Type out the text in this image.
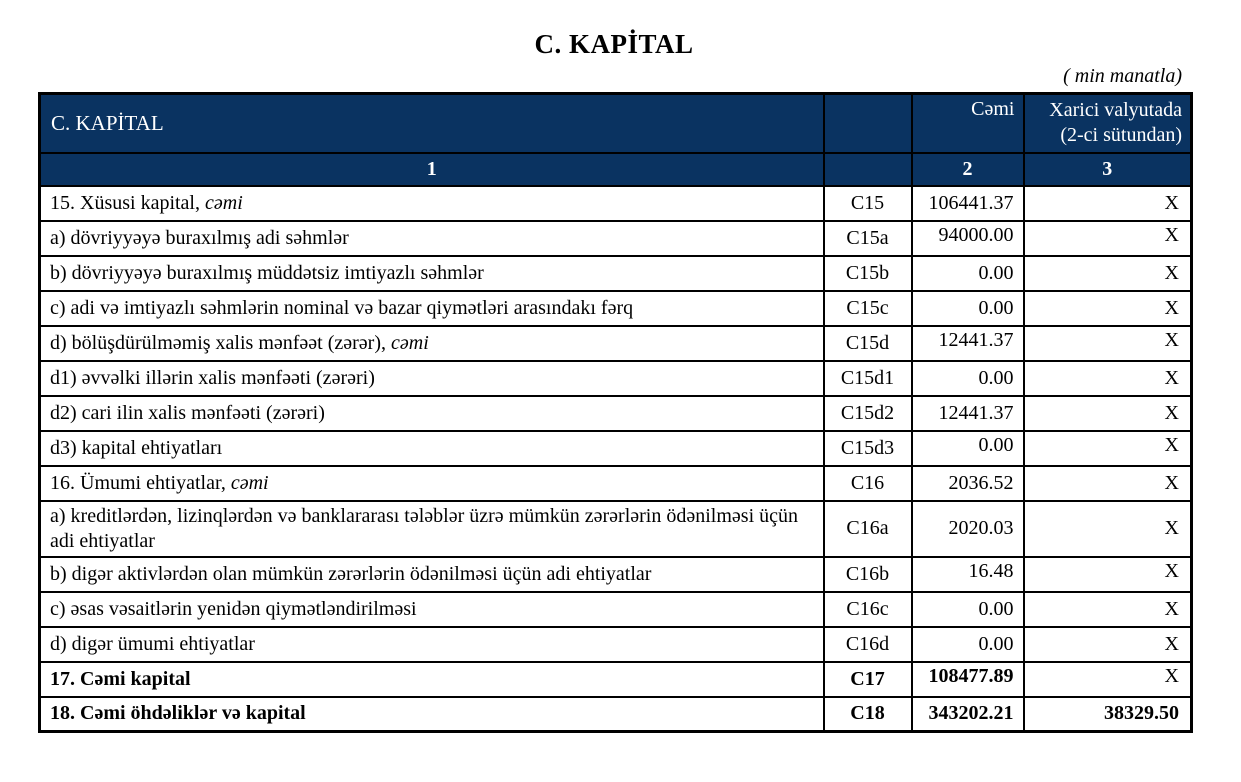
C. KAPİTAL
( min manatla)
C. KAPİTAL		Cəmi	Xarici valyutada
(2-ci sütundan)

1		2	3
15. Xüsusi kapital, cəmi	C15	106441.37	X
a) dövriyyəyə buraxılmış adi səhmlər	C15a	94000.00	X
b) dövriyyəyə buraxılmış müddətsiz imtiyazlı səhmlər	C15b	0.00	X
c) adi və imtiyazlı səhmlərin nominal və bazar qiymətləri arasındakı fərq	C15c	0.00	X
d) bölüşdürülməmiş xalis mənfəət (zərər), cəmi	C15d	12441.37	X
d1) əvvəlki illərin xalis mənfəəti (zərəri)	C15d1	0.00	X
d2) cari ilin xalis mənfəəti (zərəri)	C15d2	12441.37	X
d3) kapital ehtiyatları	C15d3	0.00	X
16. Ümumi ehtiyatlar, cəmi	C16	2036.52	X
a) kreditlərdən, lizinqlərdən və banklararası tələblər üzrə mümkün zərərlərin ödənilməsi üçün adi ehtiyatlar	C16a	2020.03	X
b) digər aktivlərdən olan mümkün zərərlərin ödənilməsi üçün adi ehtiyatlar	C16b	16.48	X
c) əsas vəsaitlərin yenidən qiymətləndirilməsi	C16c	0.00	X
d) digər ümumi ehtiyatlar	C16d	0.00	X
17. Cəmi kapital	C17	108477.89	X
18. Cəmi öhdəliklər və kapital	C18	343202.21	38329.50
